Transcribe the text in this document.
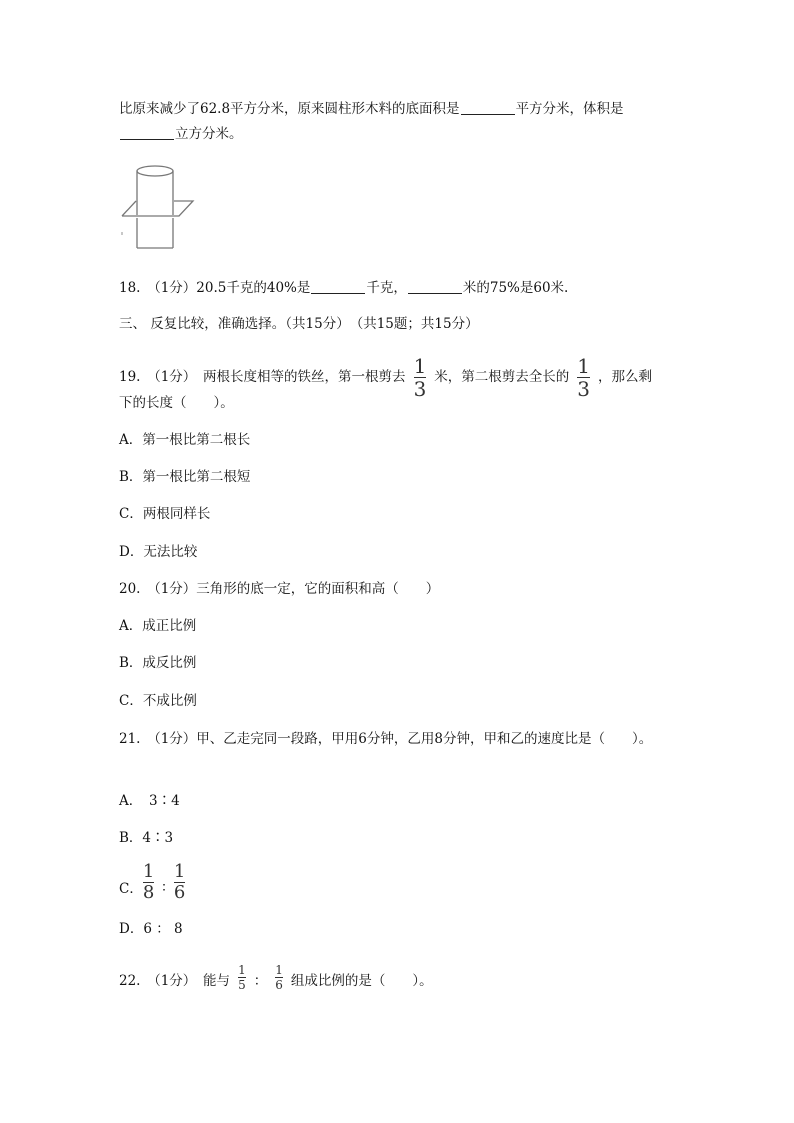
比原来减少了62.8平方分米，原来圆柱形木料的底面积是	平方分米，体积是
立方分米。
18.　（1分）20.5千克的40%是	千克，	米的75%是60米.
三、 反复比较，准确选择。（共15分）　（共15题；共15分）
19.　（1分）　两根长度相等的铁丝，第一根剪去 $\frac{1}{3}$ 米，第二根剪去全长的 $\frac{1}{3}$ ，那么剩
下的长度（　　）。
A．第一根比第二根长
B．第一根比第二根短
C．两根同样长
D．无法比较
20.　（1分）三角形的底一定，它的面积和高（　　）
A．成正比例
B．成反比例
C．不成比例
21.　（1分）甲、乙走完同一段路，甲用6分钟，乙用8分钟，甲和乙的速度比是（　　）。
A．　3∶4
B．4∶3
C． $\frac{1}{8}$ ∶ $\frac{1}{6}$
D．6 ： 8
22.　（1分）　能与 $\frac{1}{5}$ ： $\frac{1}{6}$ 组成比例的是（　　）。
